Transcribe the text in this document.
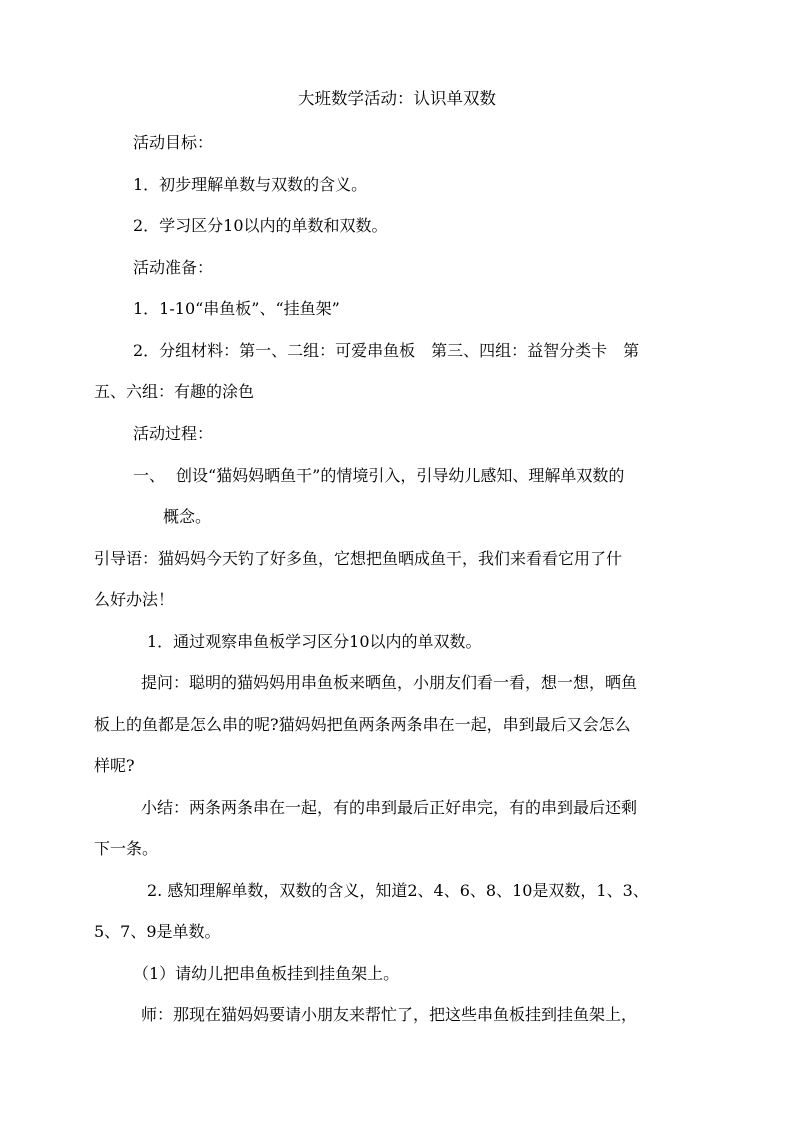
大班数学活动：认识单双数
活动目标：
1．初步理解单数与双数的含义。
2．学习区分10以内的单数和双数。
活动准备：
1．1-10“串鱼板”、“挂鱼架”
2．分组材料：第一、二组：可爱串鱼板　第三、四组：益智分类卡　第
五、六组：有趣的涂色
活动过程：
一、 创设“猫妈妈晒鱼干”的情境引入，引导幼儿感知、理解单双数的
概念。
引导语：猫妈妈今天钓了好多鱼，它想把鱼晒成鱼干，我们来看看它用了什
么好办法！
1．通过观察串鱼板学习区分10以内的单双数。
提问：聪明的猫妈妈用串鱼板来晒鱼，小朋友们看一看，想一想，晒鱼
板上的鱼都是怎么串的呢?猫妈妈把鱼两条两条串在一起，串到最后又会怎么
样呢?
小结：两条两条串在一起，有的串到最后正好串完，有的串到最后还剩
下一条。
2. 感知理解单数，双数的含义，知道2、4、6、8、10是双数，1、3、
5、7、9是单数。
（1）请幼儿把串鱼板挂到挂鱼架上。
师：那现在猫妈妈要请小朋友来帮忙了，把这些串鱼板挂到挂鱼架上，
